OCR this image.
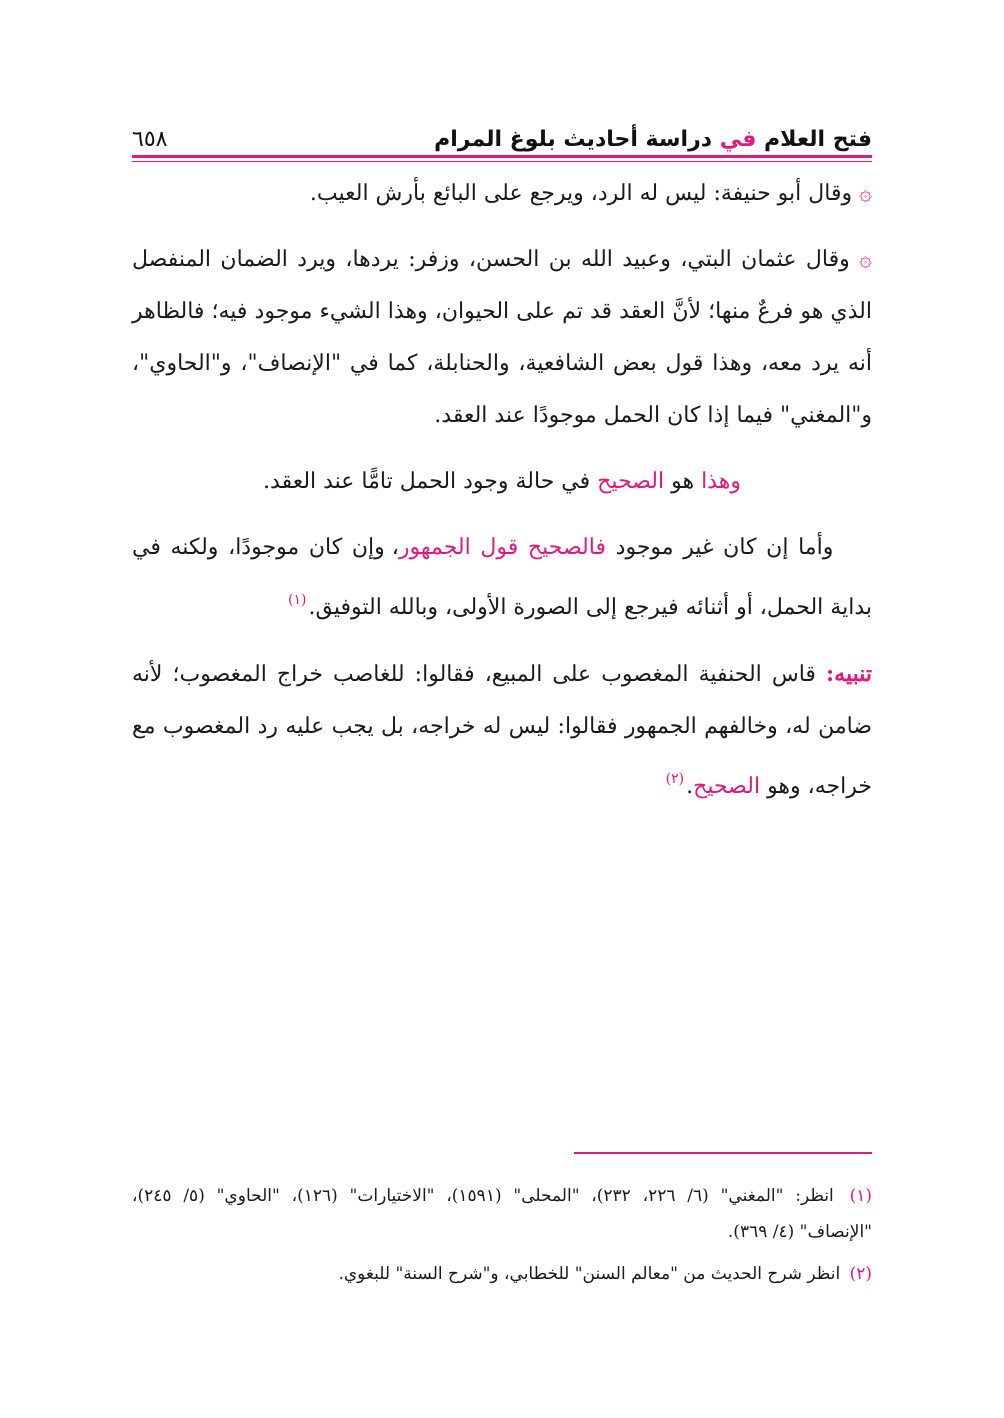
فتح العلام في دراسة أحاديث بلوغ المرام
٦٥٨

۞ وقال أبو حنيفة: ليس له الرد، ويرجع على البائع بأرش العيب.

۞ وقال عثمان البتي، وعبيد الله بن الحسن، وزفر: يردها، ويرد الضمان المنفصل الذي هو فرعٌ منها؛ لأنَّ العقد قد تم على الحيوان، وهذا الشيء موجود فيه؛ فالظاهر أنه يرد معه، وهذا قول بعض الشافعية، والحنابلة، كما في "الإنصاف"، و"الحاوي"، و"المغني" فيما إذا كان الحمل موجودًا عند العقد.

وهذا هو الصحيح في حالة وجود الحمل تامًّا عند العقد.

وأما إن كان غير موجود فالصحيح قول الجمهور، وإن كان موجودًا، ولكنه في بداية الحمل، أو أثنائه فيرجع إلى الصورة الأولى، وبالله التوفيق.$^{(١)}$

تنبيه: قاس الحنفية المغصوب على المبيع، فقالوا: للغاصب خراج المغصوب؛ لأنه ضامن له، وخالفهم الجمهور فقالوا: ليس له خراجه، بل يجب عليه رد المغصوب مع خراجه، وهو الصحيح.$^{(٢)}$

(١) انظر: "المغني" (٦/ ٢٢٦، ٢٣٢)، "المحلى" (١٥٩١)، "الاختيارات" (١٢٦)، "الحاوي" (٥/ ٢٤٥)، "الإنصاف" (٤/ ٣٦٩).

(٢) انظر شرح الحديث من "معالم السنن" للخطابي، و"شرح السنة" للبغوي.
